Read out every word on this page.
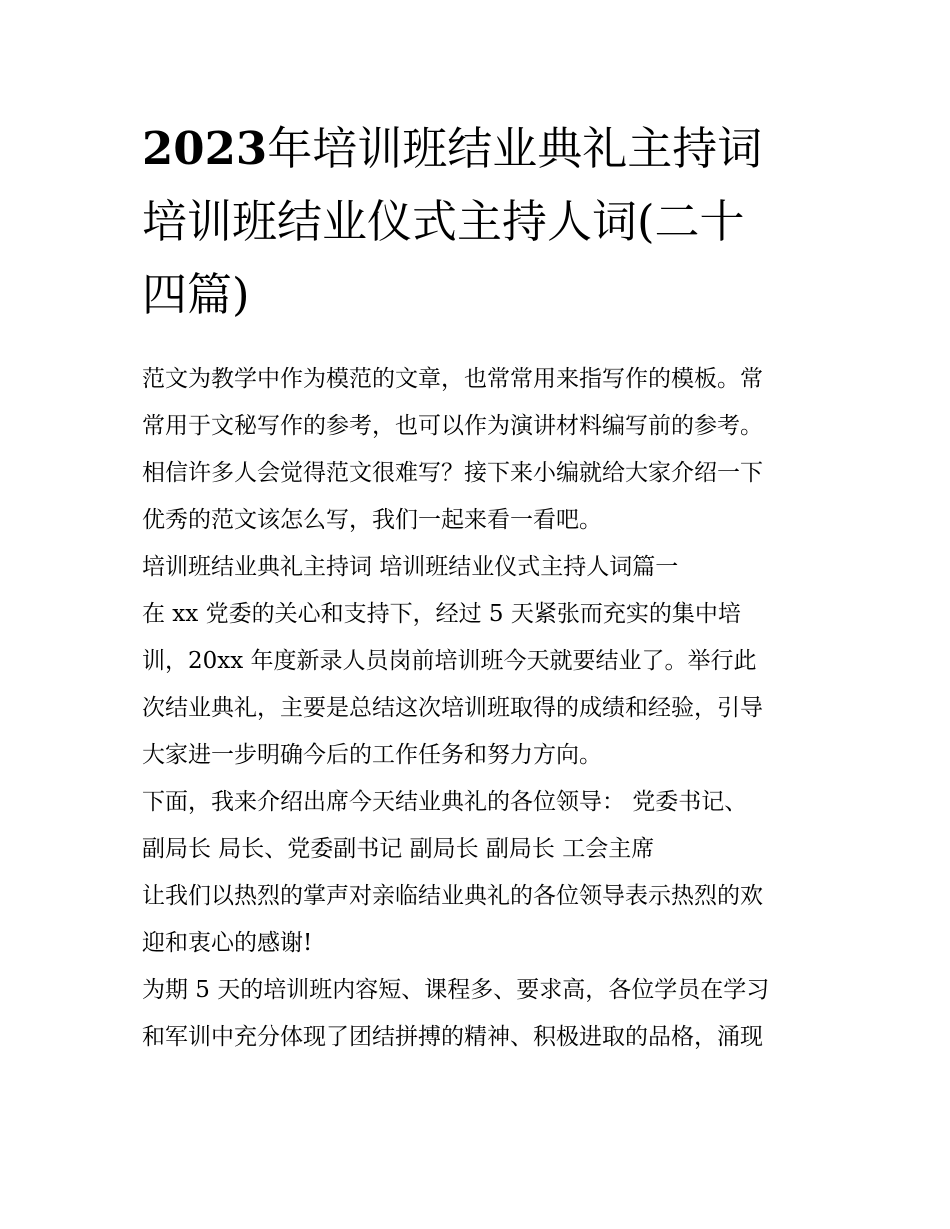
2023年培训班结业典礼主持词
培训班结业仪式主持人词(二十
四篇)
范文为教学中作为模范的文章，也常常用来指写作的模板。常
常用于文秘写作的参考，也可以作为演讲材料编写前的参考。
相信许多人会觉得范文很难写？接下来小编就给大家介绍一下
优秀的范文该怎么写，我们一起来看一看吧。
培训班结业典礼主持词 培训班结业仪式主持人词篇一
在 xx 党委的关心和支持下，经过 5 天紧张而充实的集中培
训，20xx 年度新录人员岗前培训班今天就要结业了。举行此
次结业典礼，主要是总结这次培训班取得的成绩和经验，引导
大家进一步明确今后的工作任务和努力方向。
下面，我来介绍出席今天结业典礼的各位领导： 党委书记、
副局长 局长、党委副书记 副局长 副局长 工会主席
让我们以热烈的掌声对亲临结业典礼的各位领导表示热烈的欢
迎和衷心的感谢!
为期 5 天的培训班内容短、课程多、要求高，各位学员在学习
和军训中充分体现了团结拼搏的精神、积极进取的品格，涌现
